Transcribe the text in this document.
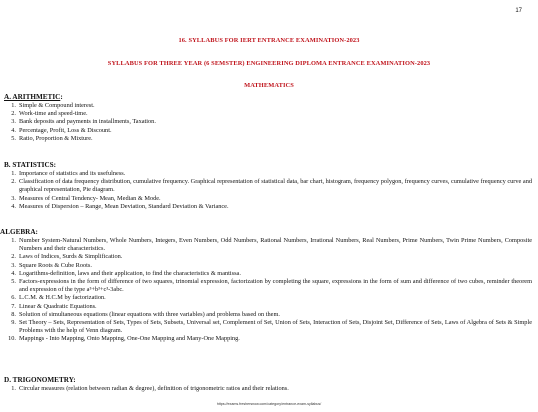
17
16. SYLLABUS FOR IERT ENTRANCE EXAMINATION-2023
SYLLABUS FOR THREE YEAR (6 SEMSTER) ENGINEERING DIPLOMA ENTRANCE EXAMINATION-2023
MATHEMATICS
A. ARITHMETIC:
1. Simple & Compound interest.
2. Work-time and speed-time.
3. Bank deposits and payments in installments, Taxation.
4. Percentage, Profit, Loss & Discount.
5. Ratio, Proportion & Mixture.
B. STATISTICS:
1. Importance of statistics and its usefulness.
2. Classification of data frequency distribution, cumulative frequency. Graphical representation of statistical data, bar chart, histogram, frequency polygon, frequency curves, cumulative frequency curve and graphical representation, Pie diagram.
3. Measures of Central Tendency- Mean, Median & Mode.
4. Measures of Dispersion – Range, Mean Deviation, Standard Deviation & Variance.
ALGEBRA:
1. Number System-Natural Numbers, Whole Numbers, Integers, Even Numbers, Odd Numbers, Rational Numbers, Irrational Numbers, Real Numbers, Prime Numbers, Twin Prime Numbers, Composite Numbers and their characteristics.
2. Laws of Indices, Surds & Simplification.
3. Square Roots & Cube Roots.
4. Logarithms-definition, laws and their application, to find the characteristics & mantissa.
5. Factors-expressions in the form of difference of two squares, trinomial expression, factorization by completing the square, expressions in the form of sum and difference of two cubes, reminder theorem and expression of the type a³+b³+c³-3abc.
6. L.C.M. & H.C.M by factorization.
7. Linear & Quadratic Equations.
8. Solution of simultaneous equations (linear equations with three variables) and problems based on them.
9. Set Theory – Sets, Representation of Sets, Types of Sets, Subsets, Universal set, Complement of Set, Union of Sets, Interaction of Sets, Disjoint Set, Difference of Sets, Laws of Algebra of Sets & Simple Problems with the help of Venn diagram.
10. Mappings - Into Mapping, Onto Mapping, One-One Mapping and Many-One Mapping.
D. TRIGONOMETRY:
1. Circular measures (relation between radian & degree), definition of trigonometric ratios and their relations.
https://exams.freshersnow.com/category/entrance-exam-syllabus/
